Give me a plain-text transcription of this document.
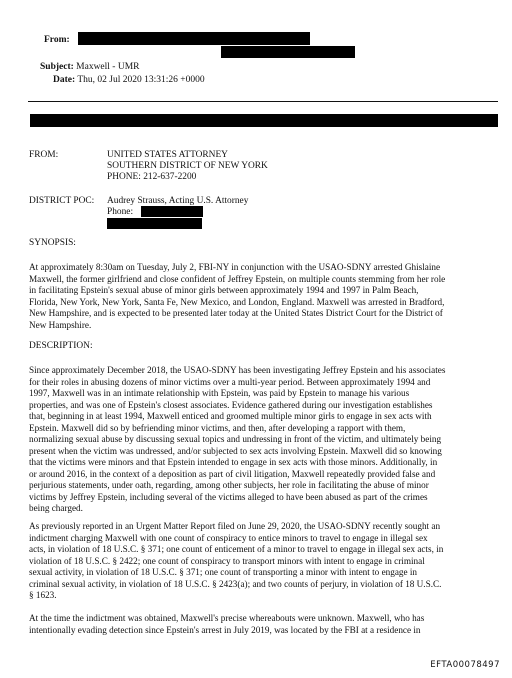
From:
Subject: Maxwell - UMR
Date: Thu, 02 Jul 2020 13:31:26 +0000
FROM:	UNITED STATES ATTORNEY
SOUTHERN DISTRICT OF NEW YORK
PHONE: 212-637-2200
DISTRICT POC: Audrey Strauss, Acting U.S. Attorney
Phone:
SYNOPSIS:
At approximately 8:30am on Tuesday, July 2, FBI-NY in conjunction with the USAO-SDNY arrested Ghislaine
Maxwell, the former girlfriend and close confident of Jeffrey Epstein, on multiple counts stemming from her role
in facilitating Epstein's sexual abuse of minor girls between approximately 1994 and 1997 in Palm Beach,
Florida, New York, New York, Santa Fe, New Mexico, and London, England. Maxwell was arrested in Bradford,
New Hampshire, and is expected to be presented later today at the United States District Court for the District of
New Hampshire.
DESCRIPTION:
Since approximately December 2018, the USAO-SDNY has been investigating Jeffrey Epstein and his associates
for their roles in abusing dozens of minor victims over a multi-year period. Between approximately 1994 and
1997, Maxwell was in an intimate relationship with Epstein, was paid by Epstein to manage his various
properties, and was one of Epstein's closest associates. Evidence gathered during our investigation establishes
that, beginning in at least 1994, Maxwell enticed and groomed multiple minor girls to engage in sex acts with
Epstein. Maxwell did so by befriending minor victims, and then, after developing a rapport with them,
normalizing sexual abuse by discussing sexual topics and undressing in front of the victim, and ultimately being
present when the victim was undressed, and/or subjected to sex acts involving Epstein. Maxwell did so knowing
that the victims were minors and that Epstein intended to engage in sex acts with those minors. Additionally, in
or around 2016, in the context of a deposition as part of civil litigation, Maxwell repeatedly provided false and
perjurious statements, under oath, regarding, among other subjects, her role in facilitating the abuse of minor
victims by Jeffrey Epstein, including several of the victims alleged to have been abused as part of the crimes
being charged.
As previously reported in an Urgent Matter Report filed on June 29, 2020, the USAO-SDNY recently sought an
indictment charging Maxwell with one count of conspiracy to entice minors to travel to engage in illegal sex
acts, in violation of 18 U.S.C. § 371; one count of enticement of a minor to travel to engage in illegal sex acts, in
violation of 18 U.S.C. § 2422; one count of conspiracy to transport minors with intent to engage in criminal
sexual activity, in violation of 18 U.S.C. § 371; one count of transporting a minor with intent to engage in
criminal sexual activity, in violation of 18 U.S.C. § 2423(a); and two counts of perjury, in violation of 18 U.S.C.
§ 1623.
At the time the indictment was obtained, Maxwell's precise whereabouts were unknown. Maxwell, who has
intentionally evading detection since Epstein's arrest in July 2019, was located by the FBI at a residence in
EFTA00078497
